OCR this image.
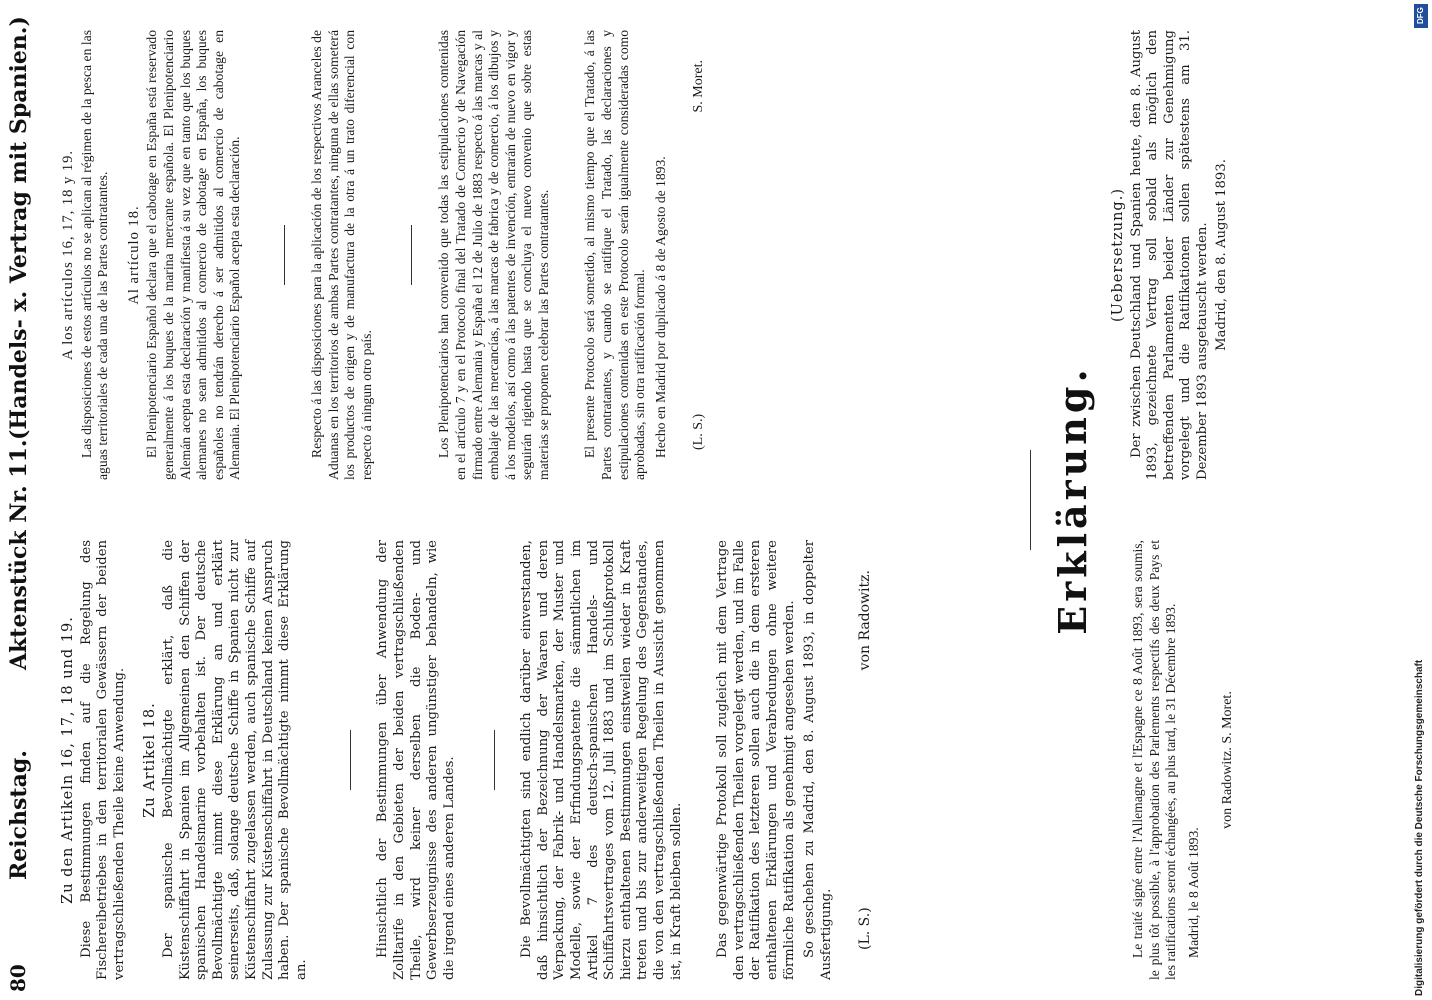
80
Reichstag.
Aktenstück Nr. 11.
(Handels- x. Vertrag mit Spanien.)
Zu den Artikeln 16, 17, 18 und 19. Diese Bestimmungen finden auf die Regelung des Fischereibetriebes in den territorialen Gewässern der beiden vertragschließenden Theile keine Anwendung. Zu Artikel 18. Der spanische Bevollmächtigte erklärt, daß die Küstenschiffahrt in Spanien im Allgemeinen den Schiffen der spanischen Handelsmarine vorbehalten ist. Der deutsche Bevollmächtigte nimmt diese Erklärung an und erklärt seinerseits, daß, solange deutsche Schiffe in Spanien nicht zur Küstenschiffahrt zugelassen werden, auch spanische Schiffe auf Zulassung zur Küstenschiffahrt in Deutschland keinen Anspruch haben. Der spanische Bevollmächtigte nimmt diese Erklärung an.

Hinsichtlich der Bestimmungen über Anwendung der Zolltarife in den Gebieten der beiden vertragschließenden Theile, wird keiner derselben die Boden- und Gewerbserzeugnisse des anderen ungünstiger behandeln, wie die irgend eines anderen Landes.	Die Bevollmächtigten sind endlich darüber einverstanden, daß hinsichtlich der Bezeichnung der Waaren und deren Verpackung, der Fabrik- und Handelsmarken, der Muster und Modelle, sowie der Erfindungspatente die sämmtlichen im Artikel 7 des deutsch-spanischen Handels- und Schiffahrtsvertrages vom 12. Juli 1883 und im Schlußprotokoll hierzu enthaltenen Bestimmungen einstweilen wieder in Kraft treten und bis zur anderweitigen Regelung des Gegenstandes, die von den vertragschließenden Theilen in Aussicht genommen ist, in Kraft bleiben sollen. Das gegenwärtige Protokoll soll zugleich mit dem Vertrage den vertragschließenden Theilen vorgelegt werden, und im Falle der Ratifikation des letzteren sollen auch die in dem ersteren enthaltenen Erklärungen und Verabredungen ohne weitere förmliche Ratifikation als genehmigt angesehen werden. So geschehen zu Madrid, den 8. August 1893, in doppelter Ausfertigung. (L. S.)
von Radowitz.
A los artículos 16, 17, 18 y 19. Las disposiciones de estos artículos no se aplican al régimen de la pesca en las aguas territoriales de cada una de las Partes contratantes. Al artículo 18. El Plenipotenciario Español declara que el cabotage en España está reservado generalmente á los buques de la marina mercante española. El Plenipotenciario Alemán acepta esta declaración y manifiesta á su vez que en tanto que los buques alemanes no sean admitidos al comercio de cabotage en España, los buques españoles no tendrán derecho á ser admitidos al comercio de cabotage en Alemania. El Plenipotenciario Español acepta esta declaración.	Respecto á las disposiciones para la aplicación de los respectivos Aranceles de Aduanas en los territorios de ambas Partes contratantes, ninguna de ellas someterá los productos de origen y de manufactura de la otra á un trato diferencial con respecto á ningun otro país.	Los Plenipotenciarios han convenido que todas las estipulaciones contenidas en el artículo 7 y en el Protocolo final del Tratado de Comercio y de Navegación firmado entre Alemania y España el 12 de Julio de 1883 respecto á las marcas y al embalaje de las mercancías, á las marcas de fabrica y de comercio, á los dibujos y á los modelos, así como á las patentes de invención, entrarán de nuevo en vigor y seguirán rigiendo hasta que se concluya el nuevo convenio que sobre estas materias se proponen celebrar las Partes contratantes. El presente Protocolo será sometido, al mismo tiempo que el Tratado, á las Partes contratantes, y cuando se ratifique el Tratado, las declaraciones y estipulaciones contenidas en este Protocolo serán igualmente consideradas como aprobadas, sin otra ratificación formal. Hecho en Madrid por duplicado á 8 de Agosto de 1893. (L. S.)
S. Moret.
Erklärung.

Le traité signé entre l'Allemagne et l'Espagne ce 8 Août 1893, sera soumis, le plus tôt possible, à l'approbation des Parlements respectifs des deux Pays et les ratifications seront échangées, au plus tard, le 31 Décembre 1893. Madrid, le 8 Août 1893.

von Radowitz. S. Moret.
(Uebersetzung.) Der zwischen Deutschland und Spanien heute, den 8. August 1893, gezeichnete Vertrag soll sobald als möglich den betreffenden Parlamenten beider Länder zur Genehmigung vorgelegt und die Ratifikationen sollen spätestens am 31. Dezember 1893 ausgetauscht werden. Madrid, den 8. August 1893.
DFG
Digitalisierung gefördert durch die Deutsche Forschungsgemeinschaft
